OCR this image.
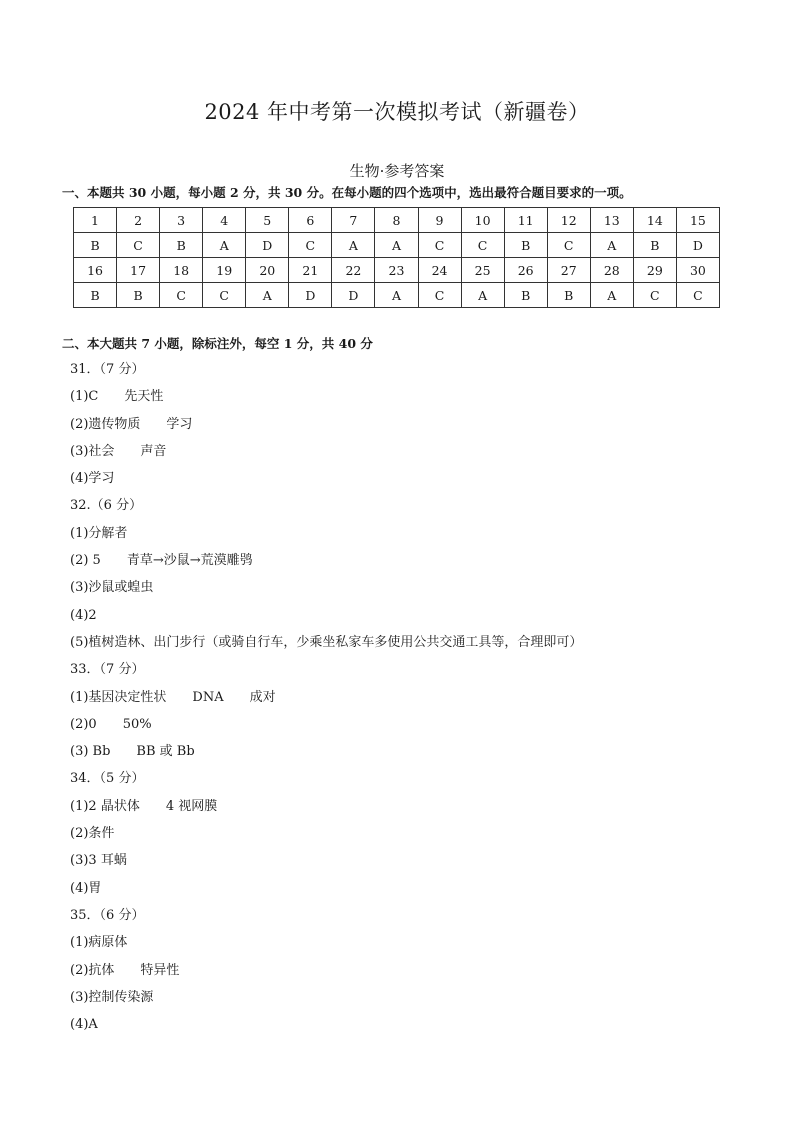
2024 年中考第一次模拟考试（新疆卷）
生物·参考答案
一、本题共 30 小题，每小题 2 分，共 30 分。在每小题的四个选项中，选出最符合题目要求的一项。
1	2	3	4	5	6	7	8	9	10	11	12	13	14	15
B	C	B	A	D	C	A	A	C	C	B	C	A	B	D
16	17	18	19	20	21	22	23	24	25	26	27	28	29	30
B	B	C	C	A	D	D	A	C	A	B	B	A	C	C
二、本大题共 7 小题，除标注外，每空 1 分，共 40 分
31．（7 分）
(1)C 先天性
(2)遗传物质 学习
(3)社会 声音
(4)学习
32.（6 分）
(1)分解者
(2) 5 青草→沙鼠→荒漠雕鸮
(3)沙鼠或蝗虫
(4)2
(5)植树造林、出门步行（或骑自行车，少乘坐私家车多使用公共交通工具等，合理即可）
33．（7 分）
(1)基因决定性状 DNA 成对
(2)0 50%
(3) Bb BB 或 Bb
34．（5 分）
(1)2 晶状体 4 视网膜
(2)条件
(3)3 耳蜗
(4)胃
35．（6 分）
(1)病原体
(2)抗体 特异性
(3)控制传染源
(4)A
